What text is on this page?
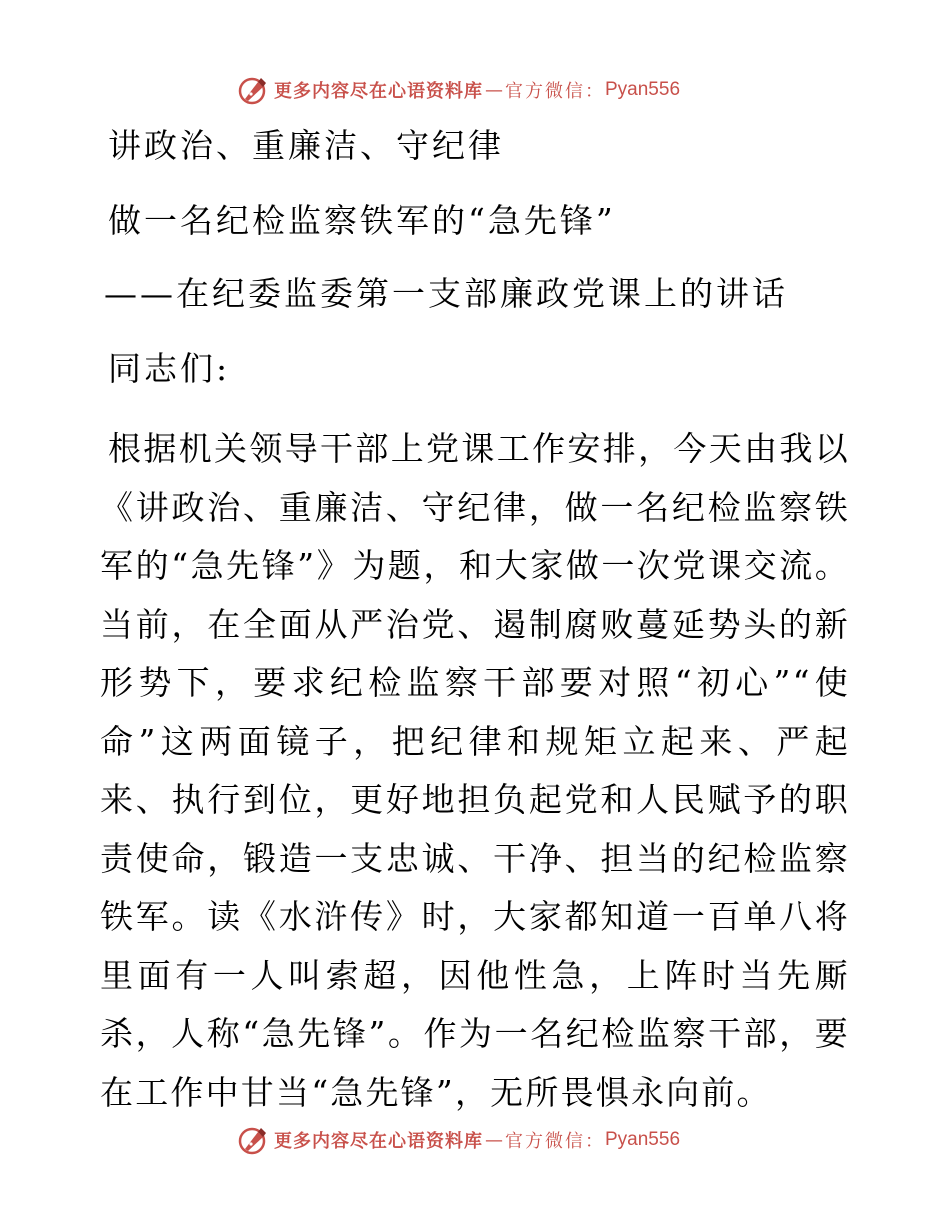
更多内容尽在心语资料库 — 官方微信： Pyan556
讲政治、重廉洁、守纪律
做一名纪检监察铁军的“急先锋”
——在纪委监委第一支部廉政党课上的讲话
同志们:

根据机关领导干部上党课工作安排，今天由我以《讲政治、重廉洁、守纪律，做一名纪检监察铁军的“急先锋”》为题，和大家做一次党课交流。当前，在全面从严治党、遏制腐败蔓延势头的新形势下，要求纪检监察干部要对照“初心”“使命”这两面镜子，把纪律和规矩立起来、严起来、执行到位，更好地担负起党和人民赋予的职责使命，锻造一支忠诚、干净、担当的纪检监察铁军。读《水浒传》时，大家都知道一百单八将里面有一人叫索超，因他性急，上阵时当先厮杀，人称“急先锋”。作为一名纪检监察干部，要在工作中甘当“急先锋”，无所畏惧永向前。

更多内容尽在心语资料库 — 官方微信： Pyan556
